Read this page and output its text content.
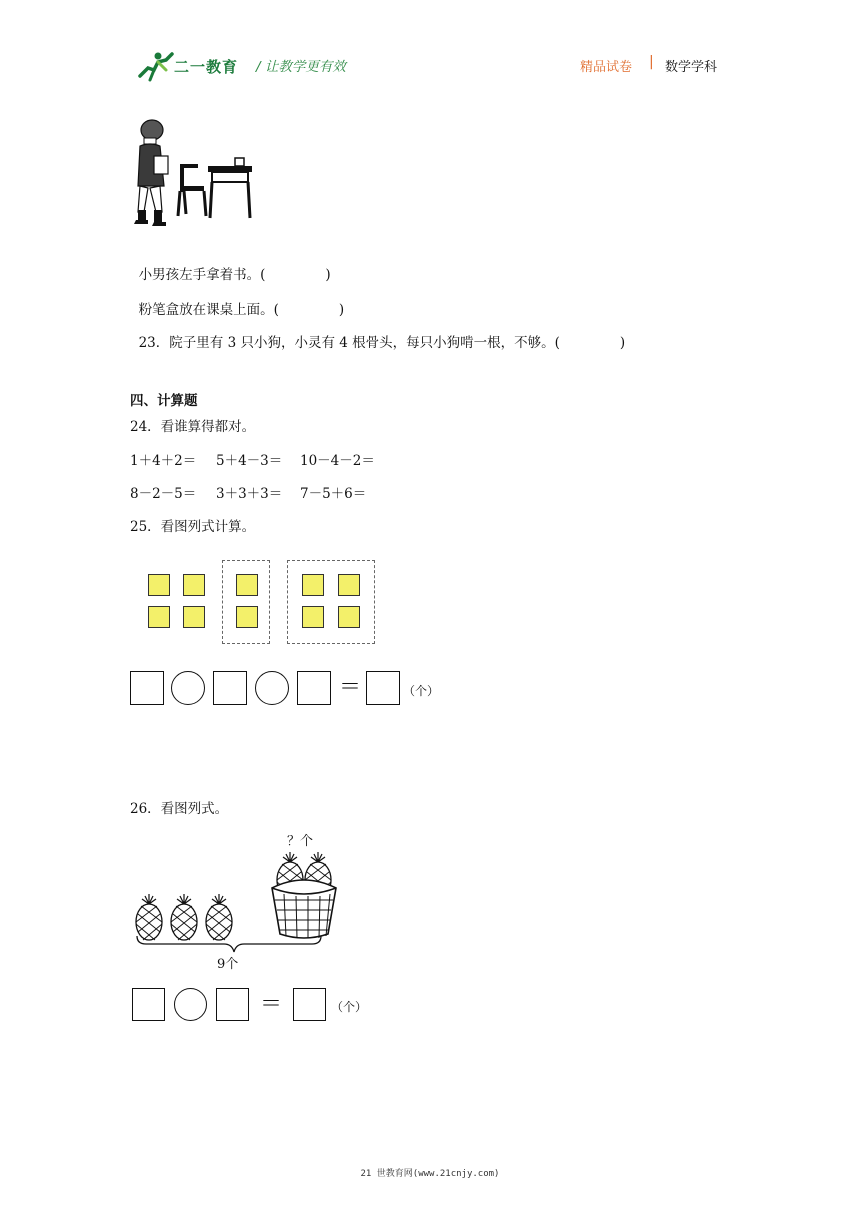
二一教育 / 让教学更有效	精品试卷 | 数学学科

小男孩左手拿着书。(	)

粉笔盒放在课桌上面。(	)

23．院子里有 3 只小狗，小灵有 4 根骨头，每只小狗啃一根，不够。(	)

四、计算题
24．看谁算得都对。
1＋4＋2＝ 5＋4－3＝ 10－4－2＝
8－2－5＝ 3＋3＋3＝ 7－5＋6＝
25．看图列式计算。
＝	（个）
26．看图列式。
？个
9个
＝	（个）
21 世教育网(www.21cnjy.com)
